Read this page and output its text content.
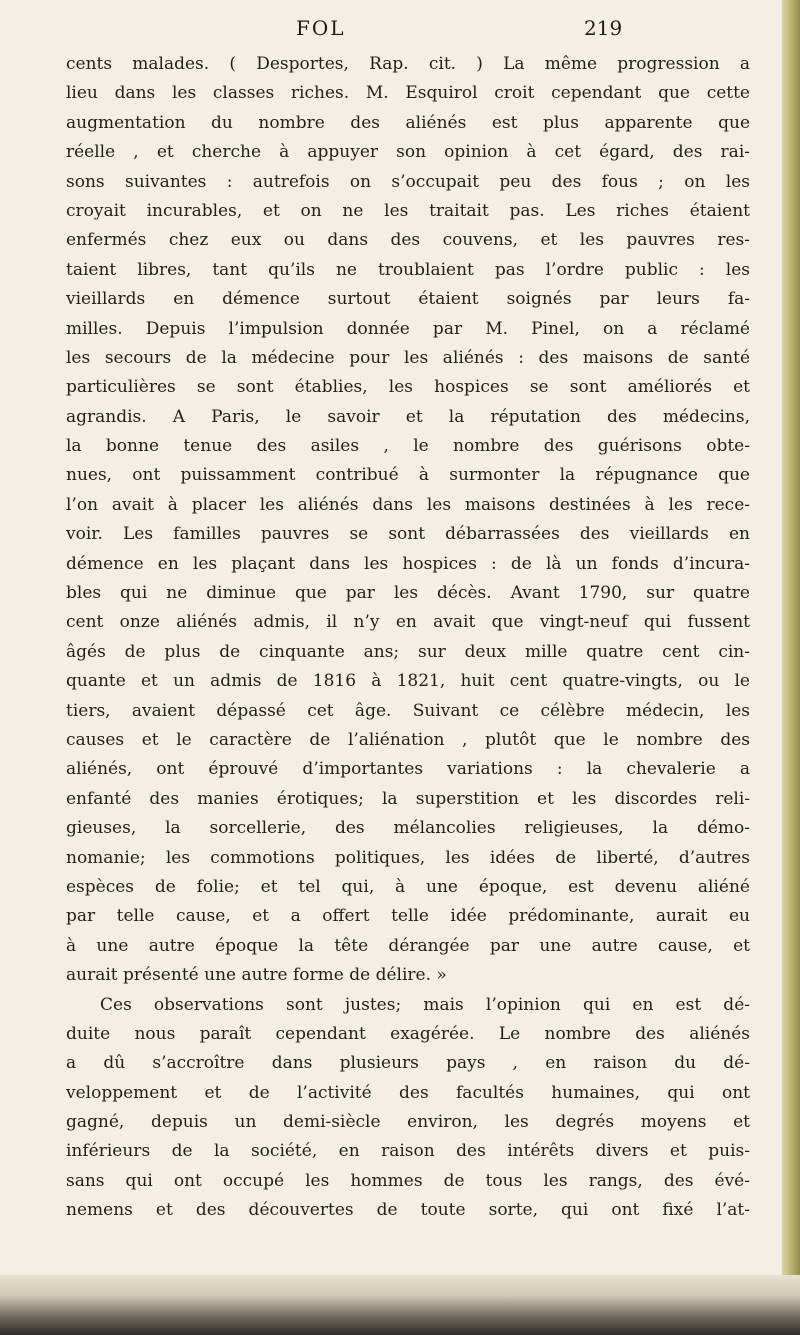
FOL	219
cents malades. ( Desportes, Rap. cit. ) La même progression a
lieu dans les classes riches. M. Esquirol croit cependant que cette
augmentation du nombre des aliénés est plus apparente que
réelle , et cherche à appuyer son opinion à cet égard, des rai-
sons suivantes : autrefois on s’occupait peu des fous ; on les
croyait incurables, et on ne les traitait pas. Les riches étaient
enfermés chez eux ou dans des couvens, et les pauvres res-
taient libres, tant qu’ils ne troublaient pas l’ordre public : les
vieillards en démence surtout étaient soignés par leurs fa-
milles. Depuis l’impulsion donnée par M. Pinel, on a réclamé
les secours de la médecine pour les aliénés : des maisons de santé
particulières se sont établies, les hospices se sont améliorés et
agrandis. A Paris, le savoir et la réputation des médecins,
la bonne tenue des asiles , le nombre des guérisons obte-
nues, ont puissamment contribué à surmonter la répugnance que
l’on avait à placer les aliénés dans les maisons destinées à les rece-
voir. Les familles pauvres se sont débarrassées des vieillards en
démence en les plaçant dans les hospices : de là un fonds d’incura-
bles qui ne diminue que par les décès. Avant 1790, sur quatre
cent onze aliénés admis, il n’y en avait que vingt-neuf qui fussent
âgés de plus de cinquante ans; sur deux mille quatre cent cin-
quante et un admis de 1816 à 1821, huit cent quatre-vingts, ou le
tiers, avaient dépassé cet âge. Suivant ce célèbre médecin, les
causes et le caractère de l’aliénation , plutôt que le nombre des
aliénés, ont éprouvé d’importantes variations : la chevalerie a
enfanté des manies érotiques; la superstition et les discordes reli-
gieuses, la sorcellerie, des mélancolies religieuses, la démo-
nomanie; les commotions politiques, les idées de liberté, d’autres
espèces de folie; et tel qui, à une époque, est devenu aliéné
par telle cause, et a offert telle idée prédominante, aurait eu
à une autre époque la tête dérangée par une autre cause, et
aurait présenté une autre forme de délire. »
Ces observations sont justes; mais l’opinion qui en est dé-
duite nous paraît cependant exagérée. Le nombre des aliénés
a dû s’accroître dans plusieurs pays , en raison du dé-
veloppement et de l’activité des facultés humaines, qui ont
gagné, depuis un demi-siècle environ, les degrés moyens et
inférieurs de la société, en raison des intérêts divers et puis-
sans qui ont occupé les hommes de tous les rangs, des évé-
nemens et des découvertes de toute sorte, qui ont fixé l’at-
